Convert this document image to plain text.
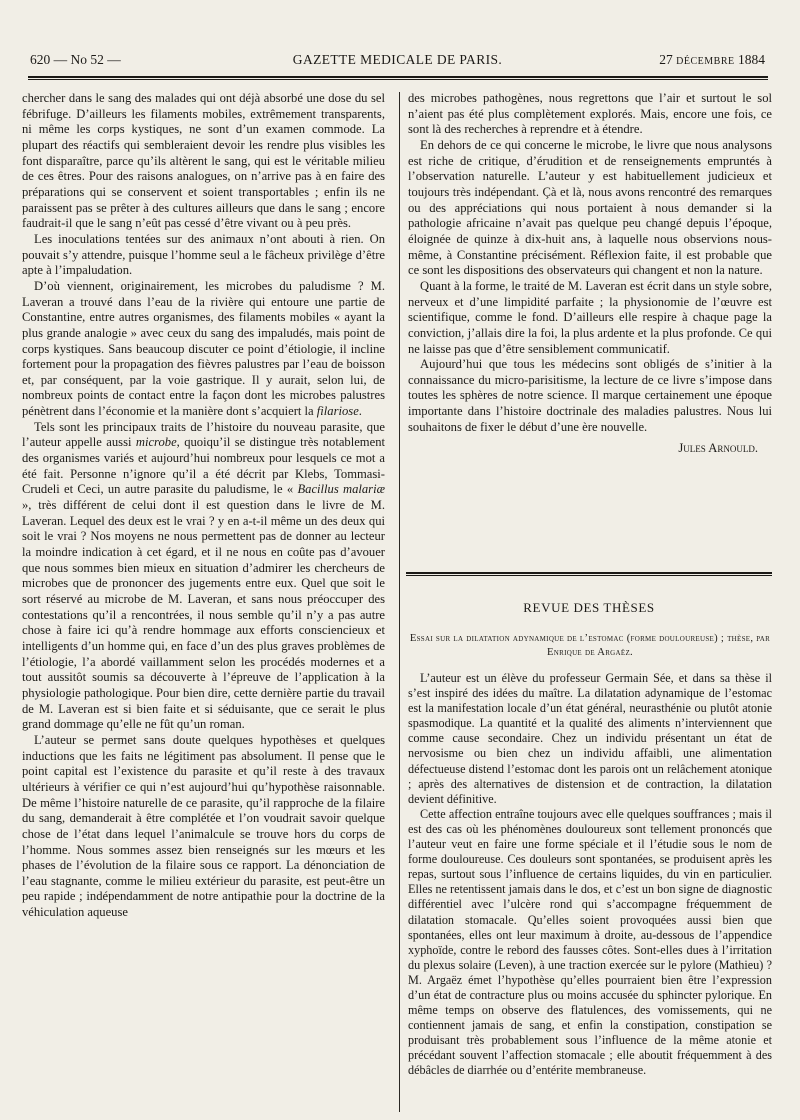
620 — No 52 —	GAZETTE MEDICALE DE PARIS.	27 DÉCEMBRE 1884

chercher dans le sang des malades qui ont déjà absorbé une dose du sel fébrifuge. D’ailleurs les filaments mobiles, extrêmement transparents, ni même les corps kystiques, ne sont d’un examen commode. La plupart des réactifs qui sembleraient devoir les rendre plus visibles les font disparaître, parce qu’ils altèrent le sang, qui est le véritable milieu de ces êtres. Pour des raisons analogues, on n’arrive pas à en faire des préparations qui se conservent et soient transportables ; enfin ils ne paraissent pas se prêter à des cultures ailleurs que dans le sang ; encore faudrait-il que le sang n’eût pas cessé d’être vivant ou à peu près.

Les inoculations tentées sur des animaux n’ont abouti à rien. On pouvait s’y attendre, puisque l’homme seul a le fâcheux privilège d’être apte à l’impaludation.

D’où viennent, originairement, les microbes du paludisme ? M. Laveran a trouvé dans l’eau de la rivière qui entoure une partie de Constantine, entre autres organismes, des filaments mobiles « ayant la plus grande analogie » avec ceux du sang des impaludés, mais point de corps kystiques. Sans beaucoup discuter ce point d’étiologie, il incline fortement pour la propagation des fièvres palustres par l’eau de boisson et, par conséquent, par la voie gastrique. Il y aurait, selon lui, de nombreux points de contact entre la façon dont les microbes palustres pénètrent dans l’économie et la manière dont s’acquiert la filariose.

Tels sont les principaux traits de l’histoire du nouveau parasite, que l’auteur appelle aussi microbe, quoiqu’il se distingue très notablement des organismes variés et aujourd’hui nombreux pour lesquels ce mot a été fait. Personne n’ignore qu’il a été décrit par Klebs, Tommasi-Crudeli et Ceci, un autre parasite du paludisme, le « Bacillus malariæ », très différent de celui dont il est question dans le livre de M. Laveran. Lequel des deux est le vrai ? y en a-t-il même un des deux qui soit le vrai ? Nos moyens ne nous permettent pas de donner au lecteur la moindre indication à cet égard, et il ne nous en coûte pas d’avouer que nous sommes bien mieux en situation d’admirer les chercheurs de microbes que de prononcer des jugements entre eux. Quel que soit le sort réservé au microbe de M. Laveran, et sans nous préoccuper des contestations qu’il a rencontrées, il nous semble qu’il n’y a pas autre chose à faire ici qu’à rendre hommage aux efforts consciencieux et intelligents d’un homme qui, en face d’un des plus graves problèmes de l’étiologie, l’a abordé vaillamment selon les procédés modernes et a tout aussitôt soumis sa découverte à l’épreuve de l’application à la physiologie pathologique. Pour bien dire, cette dernière partie du travail de M. Laveran est si bien faite et si séduisante, que ce serait le plus grand dommage qu’elle ne fût qu’un roman.

L’auteur se permet sans doute quelques hypothèses et quelques inductions que les faits ne légitiment pas absolument. Il pense que le point capital est l’existence du parasite et qu’il reste à des travaux ultérieurs à vérifier ce qui n’est aujourd’hui qu’hypothèse raisonnable. De même l’histoire naturelle de ce parasite, qu’il rapproche de la filaire du sang, demanderait à être complétée et l’on voudrait savoir quelque chose de l’état dans lequel l’animalcule se trouve hors du corps de l’homme. Nous sommes assez bien renseignés sur les mœurs et les phases de l’évolution de la filaire sous ce rapport. La dénonciation de l’eau stagnante, comme le milieu extérieur du parasite, est peut-être un peu rapide ; indépendamment de notre antipathie pour la doctrine de la véhiculation aqueuse

des microbes pathogènes, nous regrettons que l’air et surtout le sol n’aient pas été plus complètement explorés. Mais, encore une fois, ce sont là des recherches à reprendre et à étendre.

En dehors de ce qui concerne le microbe, le livre que nous analysons est riche de critique, d’érudition et de renseignements empruntés à l’observation naturelle. L’auteur y est habituellement judicieux et toujours très indépendant. Çà et là, nous avons rencontré des remarques ou des appréciations qui nous portaient à nous demander si la pathologie africaine n’avait pas quelque peu changé depuis l’époque, éloignée de quinze à dix-huit ans, à laquelle nous observions nous-même, à Constantine précisément. Réflexion faite, il est probable que ce sont les dispositions des observateurs qui changent et non la nature.

Quant à la forme, le traité de M. Laveran est écrit dans un style sobre, nerveux et d’une limpidité parfaite ; la physionomie de l’œuvre est scientifique, comme le fond. D’ailleurs elle respire à chaque page la conviction, j’allais dire la foi, la plus ardente et la plus profonde. Ce qui ne laisse pas que d’être sensiblement communicatif.

Aujourd’hui que tous les médecins sont obligés de s’initier à la connaissance du micro-parisitisme, la lecture de ce livre s’impose dans toutes les sphères de notre science. Il marque certainement une époque importante dans l’histoire doctrinale des maladies palustres. Nous lui souhaitons de fixer le début d’une ère nouvelle.

Jules Arnould.

REVUE DES THÈSES
Essai sur la dilatation adynamique de l’estomac (forme douloureuse) ; thèse, par Enrique de Argaëz.

L’auteur est un élève du professeur Germain Sée, et dans sa thèse il s’est inspiré des idées du maître. La dilatation adynamique de l’estomac est la manifestation locale d’un état général, neurasthénie ou plutôt atonie spasmodique. La quantité et la qualité des aliments n’interviennent que comme cause secondaire. Chez un individu présentant un état de nervosisme ou bien chez un individu affaibli, une alimentation défectueuse distend l’estomac dont les parois ont un relâchement atonique ; après des alternatives de distension et de contraction, la dilatation devient définitive.

Cette affection entraîne toujours avec elle quelques souffrances ; mais il est des cas où les phénomènes douloureux sont tellement prononcés que l’auteur veut en faire une forme spéciale et il l’étudie sous le nom de forme douloureuse. Ces douleurs sont spontanées, se produisent après les repas, surtout sous l’influence de certains liquides, du vin en particulier. Elles ne retentissent jamais dans le dos, et c’est un bon signe de diagnostic différentiel avec l’ulcère rond qui s’accompagne fréquemment de dilatation stomacale. Qu’elles soient provoquées aussi bien que spontanées, elles ont leur maximum à droite, au-dessous de l’appendice xyphoïde, contre le rebord des fausses côtes. Sont-elles dues à l’irritation du plexus solaire (Leven), à une traction exercée sur le pylore (Mathieu) ? M. Argaëz émet l’hypothèse qu’elles pourraient bien être l’expression d’un état de contracture plus ou moins accusée du sphincter pylorique. En même temps on observe des flatulences, des vomissements, qui ne contiennent jamais de sang, et enfin la constipation, constipation se produisant très probablement sous l’influence de la même atonie et précédant souvent l’affection stomacale ; elle aboutit fréquemment à des débâcles de diarrhée ou d’entérite membraneuse.
